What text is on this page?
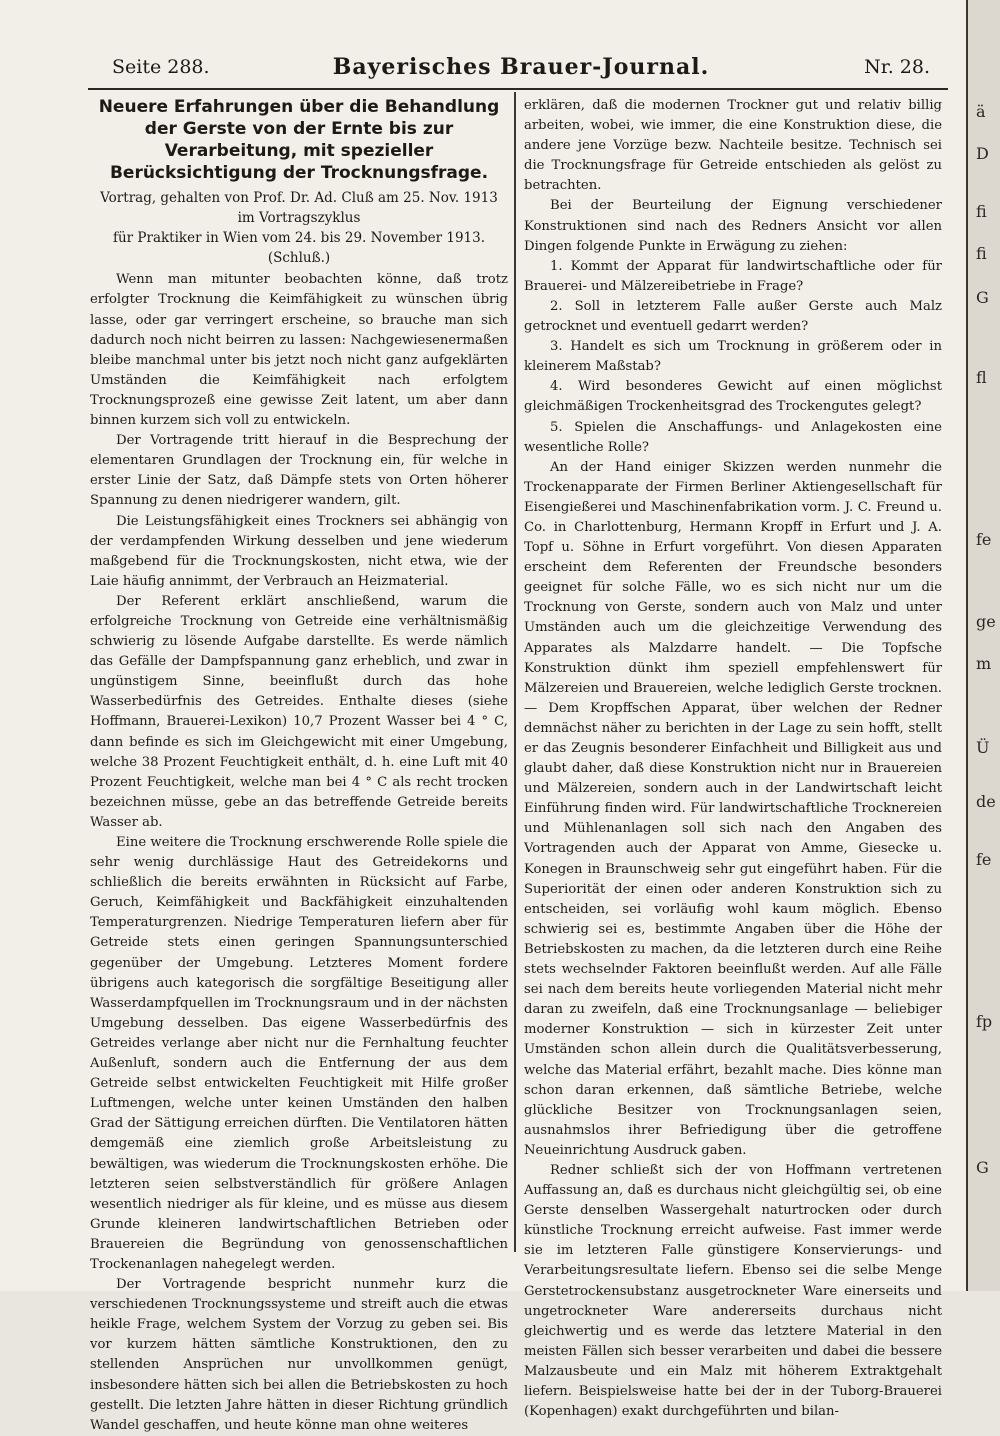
Seite 288.	Bayerisches Brauer-Journal.	Nr. 28.
Neuere Erfahrungen über die Behandlung der Gerste von der Ernte bis zur Verarbeitung, mit spezieller Berücksichtigung der Trocknungsfrage.

Vortrag, gehalten von Prof. Dr. Ad. Cluß am 25. Nov. 1913

im Vortragszyklus

für Praktiker in Wien vom 24. bis 29. November 1913.

(Schluß.)

Wenn man mitunter beobachten könne, daß trotz erfolgter Trocknung die Keimfähigkeit zu wünschen übrig lasse, oder gar verringert erscheine, so brauche man sich dadurch noch nicht beirren zu lassen: Nachgewiesenermaßen bleibe manchmal unter bis jetzt noch nicht ganz aufgeklärten Umständen die Keimfähigkeit nach erfolgtem Trocknungsprozeß eine gewisse Zeit latent, um aber dann binnen kurzem sich voll zu entwickeln.

Der Vortragende tritt hierauf in die Besprechung der elementaren Grundlagen der Trocknung ein, für welche in erster Linie der Satz, daß Dämpfe stets von Orten höherer Spannung zu denen niedrigerer wandern, gilt.

Die Leistungsfähigkeit eines Trockners sei abhängig von der verdampfenden Wirkung desselben und jene wiederum maßgebend für die Trocknungskosten, nicht etwa, wie der Laie häufig annimmt, der Verbrauch an Heizmaterial.

Der Referent erklärt anschließend, warum die erfolgreiche Trocknung von Getreide eine verhältnismäßig schwierig zu lösende Aufgabe darstellte. Es werde nämlich das Gefälle der Dampfspannung ganz erheblich, und zwar in ungünstigem Sinne, beeinflußt durch das hohe Wasserbedürfnis des Getreides. Enthalte dieses (siehe Hoffmann, Brauerei-Lexikon) 10,7 Prozent Wasser bei 4 ° C, dann befinde es sich im Gleichgewicht mit einer Umgebung, welche 38 Prozent Feuchtigkeit enthält, d. h. eine Luft mit 40 Prozent Feuchtigkeit, welche man bei 4 ° C als recht trocken bezeichnen müsse, gebe an das betreffende Getreide bereits Wasser ab.

Eine weitere die Trocknung erschwerende Rolle spiele die sehr wenig durchlässige Haut des Getreidekorns und schließlich die bereits erwähnten in Rücksicht auf Farbe, Geruch, Keimfähigkeit und Backfähigkeit einzuhaltenden Temperaturgrenzen. Niedrige Temperaturen liefern aber für Getreide stets einen geringen Spannungsunterschied gegenüber der Umgebung. Letzteres Moment fordere übrigens auch kategorisch die sorgfältige Beseitigung aller Wasserdampfquellen im Trocknungsraum und in der nächsten Umgebung desselben. Das eigene Wasserbedürfnis des Getreides verlange aber nicht nur die Fernhaltung feuchter Außenluft, sondern auch die Entfernung der aus dem Getreide selbst entwickelten Feuchtigkeit mit Hilfe großer Luftmengen, welche unter keinen Umständen den halben Grad der Sättigung erreichen dürften. Die Ventilatoren hätten demgemäß eine ziemlich große Arbeitsleistung zu bewältigen, was wiederum die Trocknungskosten erhöhe. Die letzteren seien selbstverständlich für größere Anlagen wesentlich niedriger als für kleine, und es müsse aus diesem Grunde kleineren landwirtschaftlichen Betrieben oder Brauereien die Begründung von genossenschaftlichen Trockenanlagen nahegelegt werden.

Der Vortragende bespricht nunmehr kurz die verschiedenen Trocknungssysteme und streift auch die etwas heikle Frage, welchem System der Vorzug zu geben sei. Bis vor kurzem hätten sämtliche Konstruktionen, den zu stellenden Ansprüchen nur unvollkommen genügt, insbesondere hätten sich bei allen die Betriebskosten zu hoch gestellt. Die letzten Jahre hätten in dieser Richtung gründlich Wandel geschaffen, und heute könne man ohne weiteres

erklären, daß die modernen Trockner gut und relativ billig arbeiten, wobei, wie immer, die eine Konstruktion diese, die andere jene Vorzüge bezw. Nachteile besitze. Technisch sei die Trocknungsfrage für Getreide entschieden als gelöst zu betrachten.

Bei der Beurteilung der Eignung verschiedener Konstruktionen sind nach des Redners Ansicht vor allen Dingen folgende Punkte in Erwägung zu ziehen:

1. Kommt der Apparat für landwirtschaftliche oder für Brauerei- und Mälzereibetriebe in Frage?

2. Soll in letzterem Falle außer Gerste auch Malz getrocknet und eventuell gedarrt werden?

3. Handelt es sich um Trocknung in größerem oder in kleinerem Maßstab?

4. Wird besonderes Gewicht auf einen möglichst gleichmäßigen Trockenheitsgrad des Trockengutes gelegt?

5. Spielen die Anschaffungs- und Anlagekosten eine wesentliche Rolle?

An der Hand einiger Skizzen werden nunmehr die Trockenapparate der Firmen Berliner Aktiengesellschaft für Eisengießerei und Maschinenfabrikation vorm. J. C. Freund u. Co. in Charlottenburg, Hermann Kropff in Erfurt und J. A. Topf u. Söhne in Erfurt vorgeführt. Von diesen Apparaten erscheint dem Referenten der Freundsche besonders geeignet für solche Fälle, wo es sich nicht nur um die Trocknung von Gerste, sondern auch von Malz und unter Umständen auch um die gleichzeitige Verwendung des Apparates als Malzdarre handelt. — Die Topfsche Konstruktion dünkt ihm speziell empfehlenswert für Mälzereien und Brauereien, welche lediglich Gerste trocknen. — Dem Kropffschen Apparat, über welchen der Redner demnächst näher zu berichten in der Lage zu sein hofft, stellt er das Zeugnis besonderer Einfachheit und Billigkeit aus und glaubt daher, daß diese Konstruktion nicht nur in Brauereien und Mälzereien, sondern auch in der Landwirtschaft leicht Einführung finden wird. Für landwirtschaftliche Trocknereien und Mühlenanlagen soll sich nach den Angaben des Vortragenden auch der Apparat von Amme, Giesecke u. Konegen in Braunschweig sehr gut eingeführt haben. Für die Superiorität der einen oder anderen Konstruktion sich zu entscheiden, sei vorläufig wohl kaum möglich. Ebenso schwierig sei es, bestimmte Angaben über die Höhe der Betriebskosten zu machen, da die letzteren durch eine Reihe stets wechselnder Faktoren beeinflußt werden. Auf alle Fälle sei nach dem bereits heute vorliegenden Material nicht mehr daran zu zweifeln, daß eine Trocknungsanlage — beliebiger moderner Konstruktion — sich in kürzester Zeit unter Umständen schon allein durch die Qualitätsverbesserung, welche das Material erfährt, bezahlt mache. Dies könne man schon daran erkennen, daß sämtliche Betriebe, welche glückliche Besitzer von Trocknungsanlagen seien, ausnahmslos ihrer Befriedigung über die getroffene Neueinrichtung Ausdruck gaben.

Redner schließt sich der von Hoffmann vertretenen Auffassung an, daß es durchaus nicht gleichgültig sei, ob eine Gerste denselben Wassergehalt naturtrocken oder durch künstliche Trocknung erreicht aufweise. Fast immer werde sie im letzteren Falle günstigere Konservierungs- und Verarbeitungsresultate liefern. Ebenso sei die selbe Menge Gerstetrockensubstanz ausgetrockneter Ware einerseits und ungetrockneter Ware andererseits durchaus nicht gleichwertig und es werde das letztere Material in den meisten Fällen sich besser verarbeiten und dabei die bessere Malzausbeute und ein Malz mit höherem Extraktgehalt liefern. Beispielsweise hatte bei der in der Tuborg-Brauerei (Kopenhagen) exakt durchgeführten und bilan-

ä
D
fi
fi
G
fl
fe
ge
m
Ü
de
fe
fp
G
